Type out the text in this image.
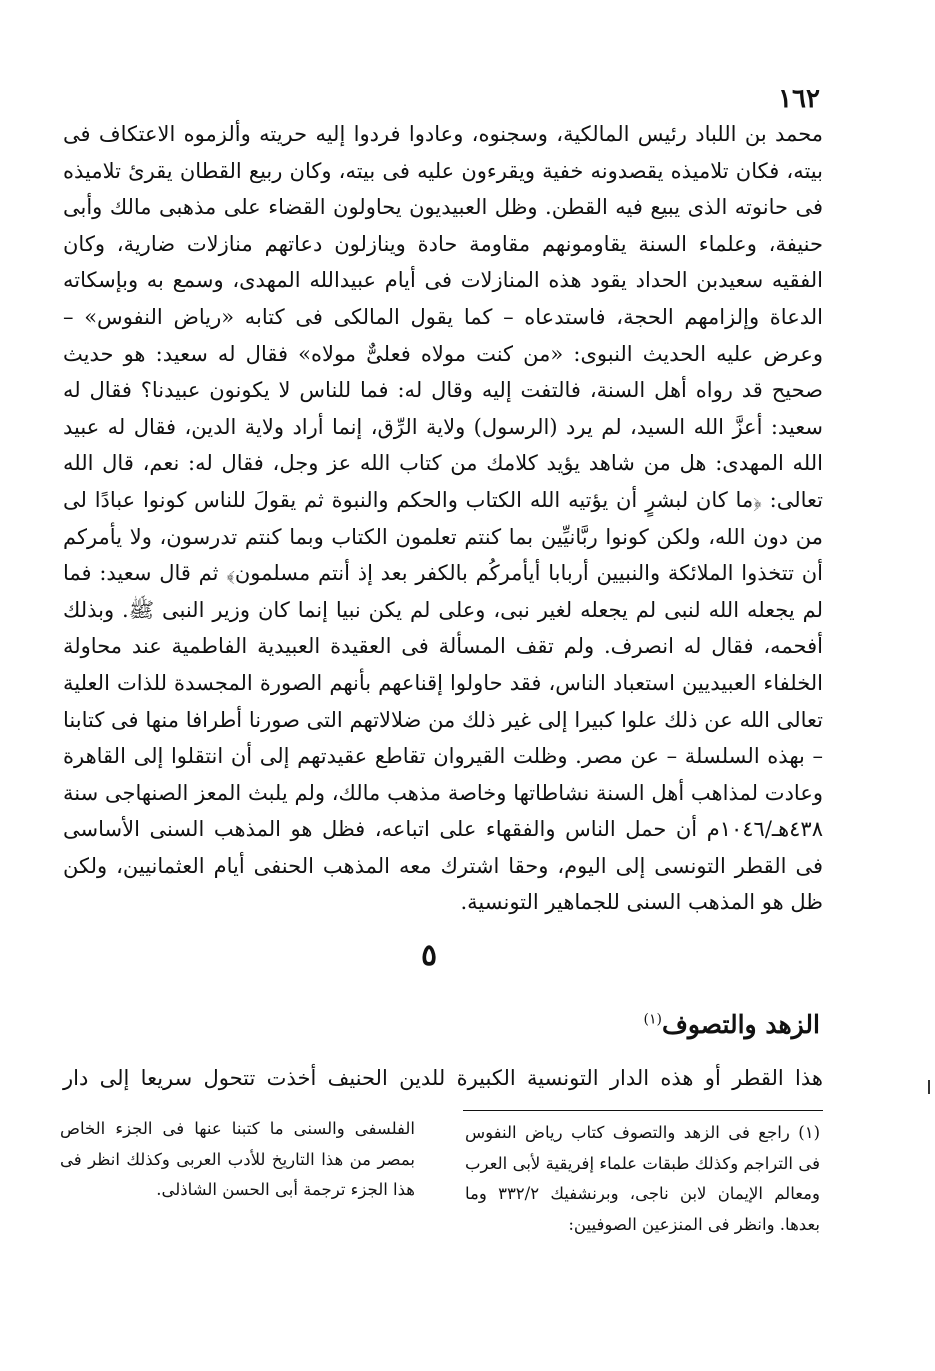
١٦٢

محمد بن اللباد رئيس المالكية، وسجنوه، وعادوا فردوا إليه حريته وألزموه الاعتكاف فى بيته، فكان تلاميذه يقصدونه خفية ويقرءون عليه فى بيته، وكان ربيع القطان يقرئ تلاميذه فى حانوته الذى يبيع فيه القطن. وظل العبيديون يحاولون القضاء على مذهبى مالك وأبى حنيفة، وعلماء السنة يقاومونهم مقاومة حادة وينازلون دعاتهم منازلات ضارية، وكان الفقيه سعيدبن الحداد يقود هذه المنازلات فى أيام عبيدالله المهدى، وسمع به وبإسكاته الدعاة وإلزامهم الحجة، فاستدعاه – كما يقول المالكى فى كتابه «رياض النفوس» – وعرض عليه الحديث النبوى: «من كنت مولاه فعلىٌّ مولاه» فقال له سعيد: هو حديث صحيح قد رواه أهل السنة، فالتفت إليه وقال له: فما للناس لا يكونون عبيدنا؟ فقال له سعيد: أعزَّ الله السيد، لم يرد (الرسول) ولاية الرِّق، إنما أراد ولاية الدين، فقال له عبيد الله المهدى: هل من شاهد يؤيد كلامك من كتاب الله عز وجل، فقال له: نعم، قال الله تعالى: ﴿ما كان لبشرٍ أن يؤتيه الله الكتاب والحكم والنبوة ثم يقولَ للناس كونوا عبادًا لى من دون الله، ولكن كونوا ربَّانيِّين بما كنتم تعلمون الكتاب وبما كنتم تدرسون، ولا يأمركم أن تتخذوا الملائكة والنبيين أربابا أيأمركُم بالكفر بعد إذ أنتم مسلمون﴾ ثم قال سعيد: فما لم يجعله الله لنبى لم يجعله لغير نبى، وعلى لم يكن نبيا إنما كان وزير النبى ﷺ. وبذلك أفحمه، فقال له انصرف. ولم تقف المسألة فى العقيدة العبيدية الفاطمية عند محاولة الخلفاء العبيديين استعباد الناس، فقد حاولوا إقناعهم بأنهم الصورة المجسدة للذات العلية تعالى الله عن ذلك علوا كبيرا إلى غير ذلك من ضلالاتهم التى صورنا أطرافا منها فى كتابنا – بهذه السلسلة – عن مصر. وظلت القيروان تقاطع عقيدتهم إلى أن انتقلوا إلى القاهرة وعادت لمذاهب أهل السنة نشاطاتها وخاصة مذهب مالك، ولم يلبث المعز الصنهاجى سنة ٤٣٨هـ/١٠٤٦م أن حمل الناس والفقهاء على اتباعه، فظل هو المذهب السنى الأساسى فى القطر التونسى إلى اليوم، وحقا اشترك معه المذهب الحنفى أيام العثمانيين، ولكن ظل هو المذهب السنى للجماهير التونسية.

٥
الزهد والتصوف$^{(١)}$
هذا القطر أو هذه الدار التونسية الكبيرة للدين الحنيف أخذت تتحول سريعا إلى دار
(١) راجع فى الزهد والتصوف كتاب رياض النفوس فى التراجم وكذلك طبقات علماء إفريقية لأبى العرب ومعالم الإيمان لابن ناجى، وبرنشفيك ٣٣٢/٢ وما بعدها. وانظر فى المنزعين الصوفيين:
الفلسفى والسنى ما كتبنا عنها فى الجزء الخاص بمصر من هذا التاريخ للأدب العربى وكذلك انظر فى هذا الجزء ترجمة أبى الحسن الشاذلى.
